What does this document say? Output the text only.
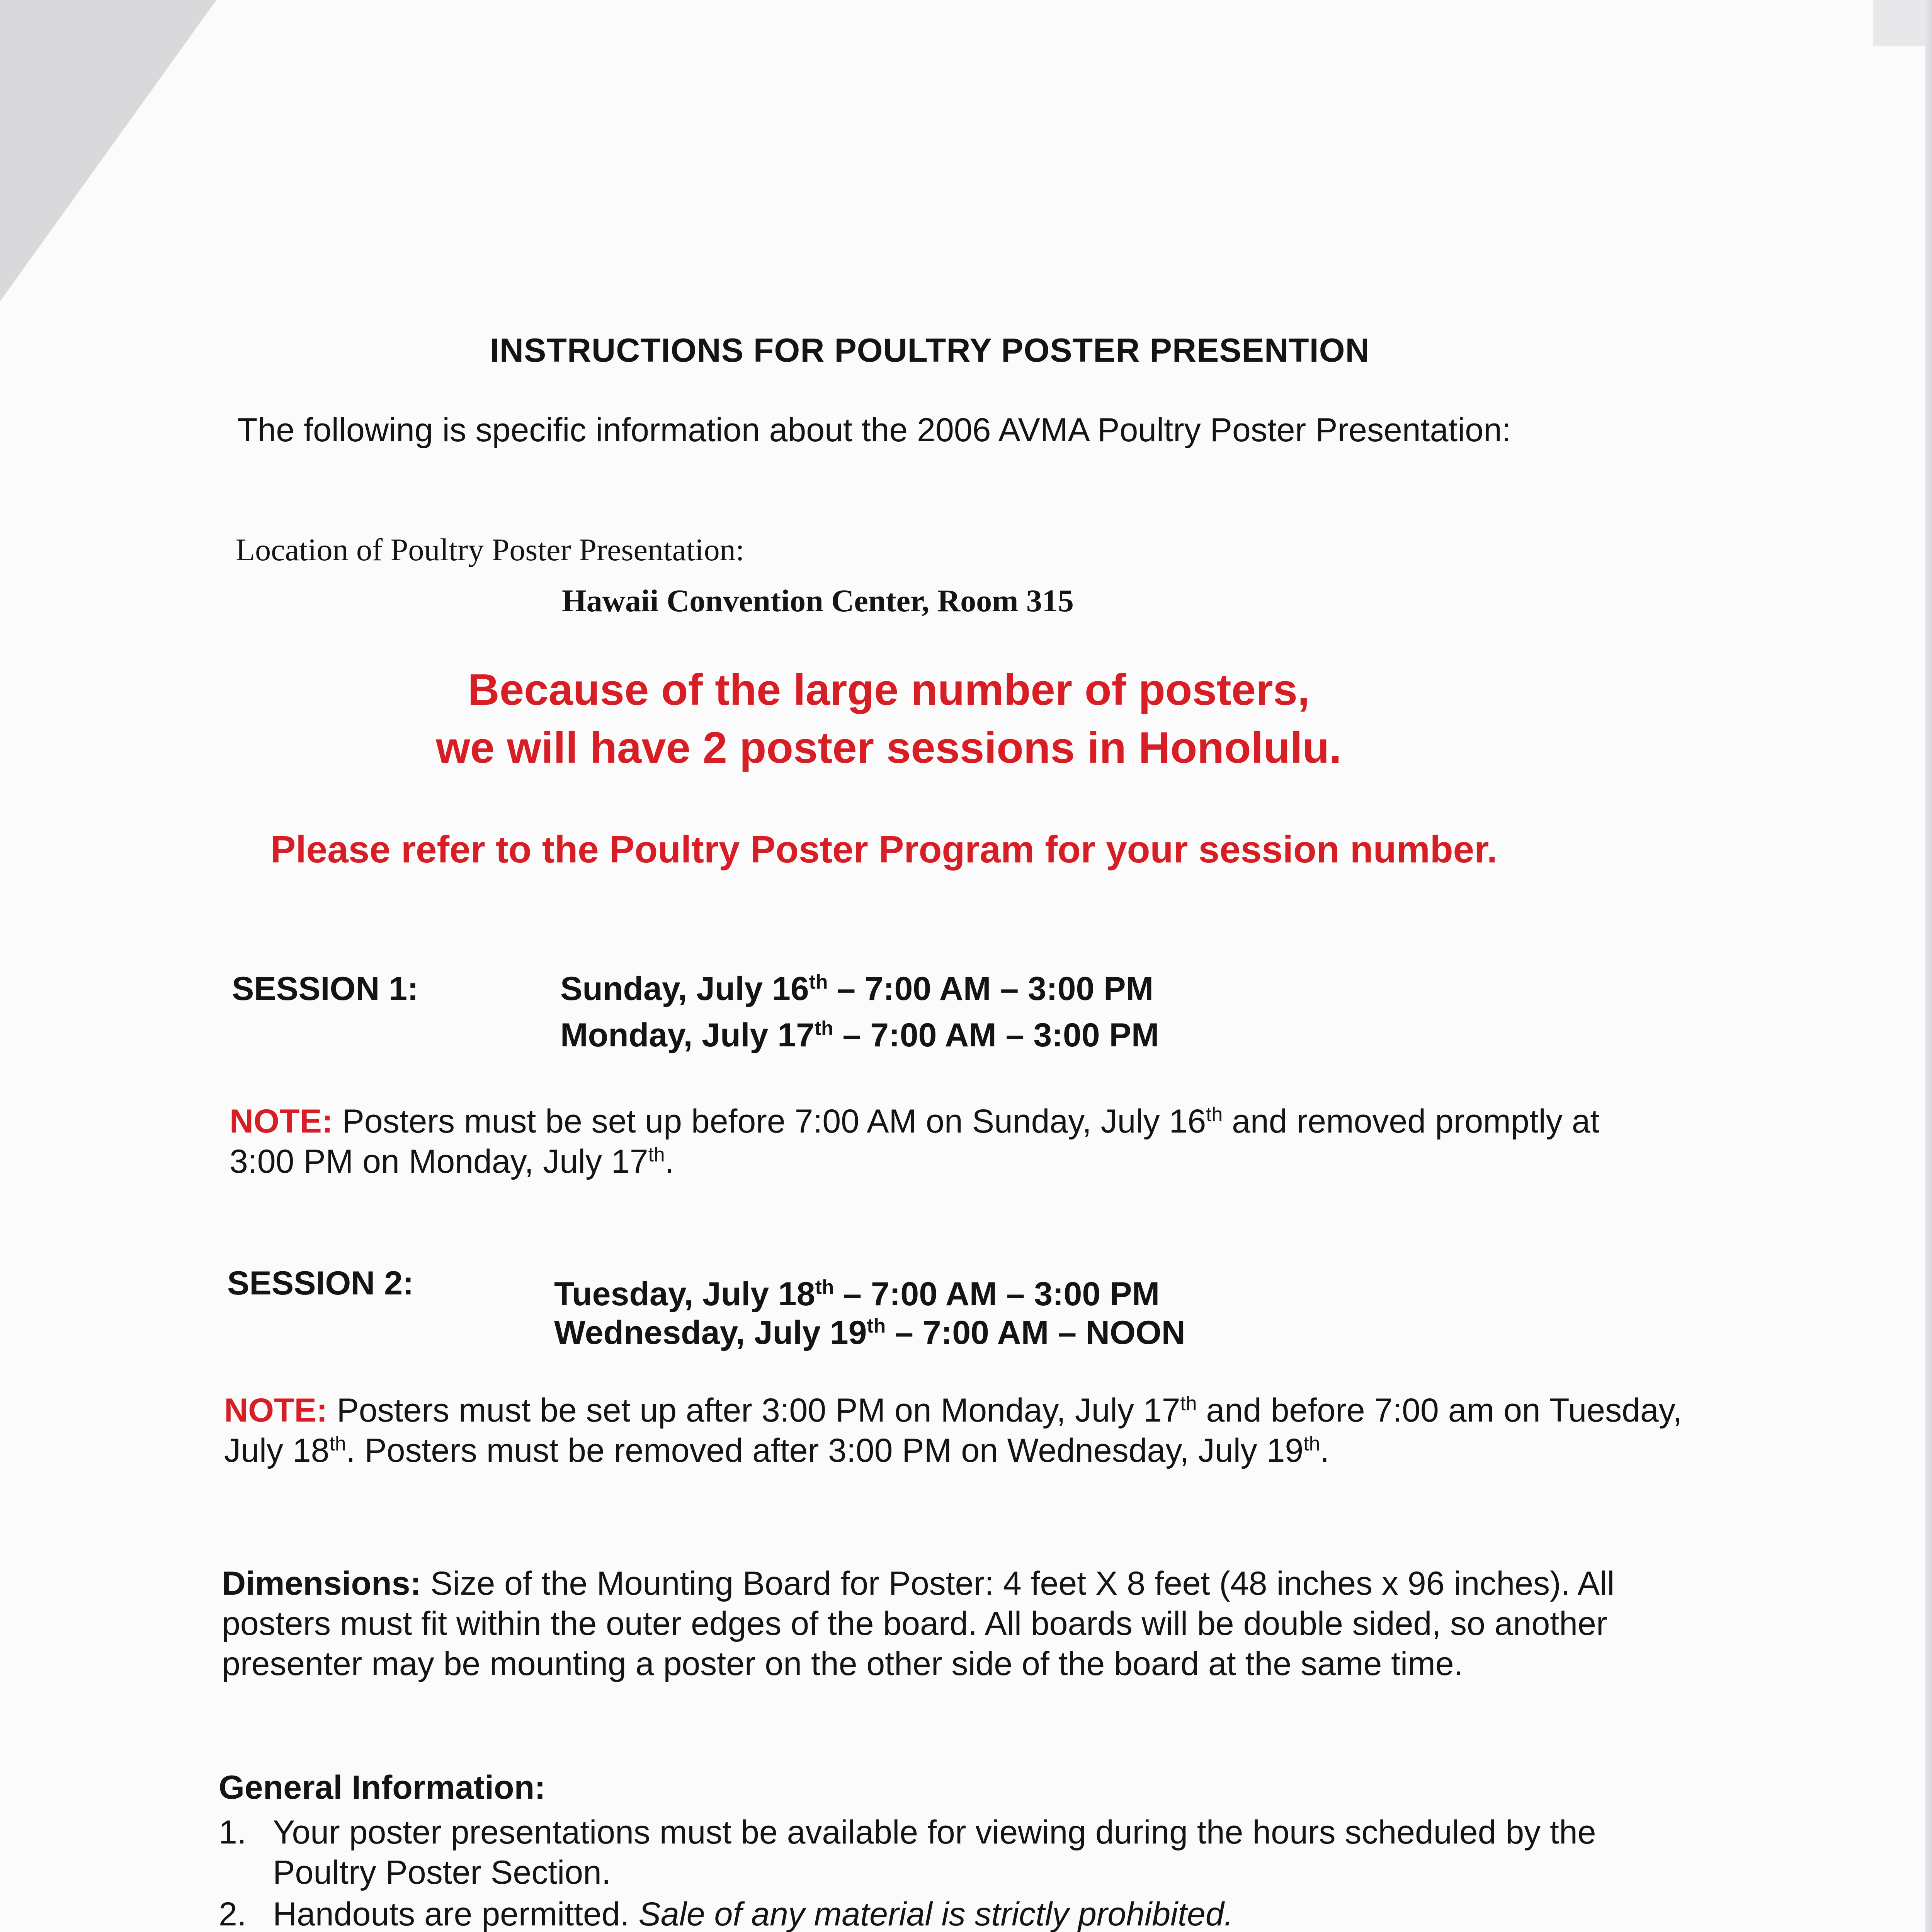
INSTRUCTIONS FOR POULTRY POSTER PRESENTION
The following is specific information about the 2006 AVMA Poultry Poster Presentation:
Location of Poultry Poster Presentation:
Hawaii Convention Center, Room 315
Because of the large number of posters,
we will have 2 poster sessions in Honolulu.
Please refer to the Poultry Poster Program for your session number.
SESSION 1:	Sunday, July 16th – 7:00 AM – 3:00 PM
Monday, July 17th – 7:00 AM – 3:00 PM
NOTE: Posters must be set up before 7:00 AM on Sunday, July 16th and removed promptly at 3:00 PM on Monday, July 17th.
SESSION 2:	Tuesday, July 18th – 7:00 AM – 3:00 PM
Wednesday, July 19th – 7:00 AM – NOON
NOTE: Posters must be set up after 3:00 PM on Monday, July 17th and before 7:00 am on Tuesday, July 18th. Posters must be removed after 3:00 PM on Wednesday, July 19th.
Dimensions: Size of the Mounting Board for Poster: 4 feet X 8 feet (48 inches x 96 inches). All posters must fit within the outer edges of the board. All boards will be double sided, so another presenter may be mounting a poster on the other side of the board at the same time.
General Information:
1. Your poster presentations must be available for viewing during the hours scheduled by the Poultry Poster Section.
2. Handouts are permitted. Sale of any material is strictly prohibited.
